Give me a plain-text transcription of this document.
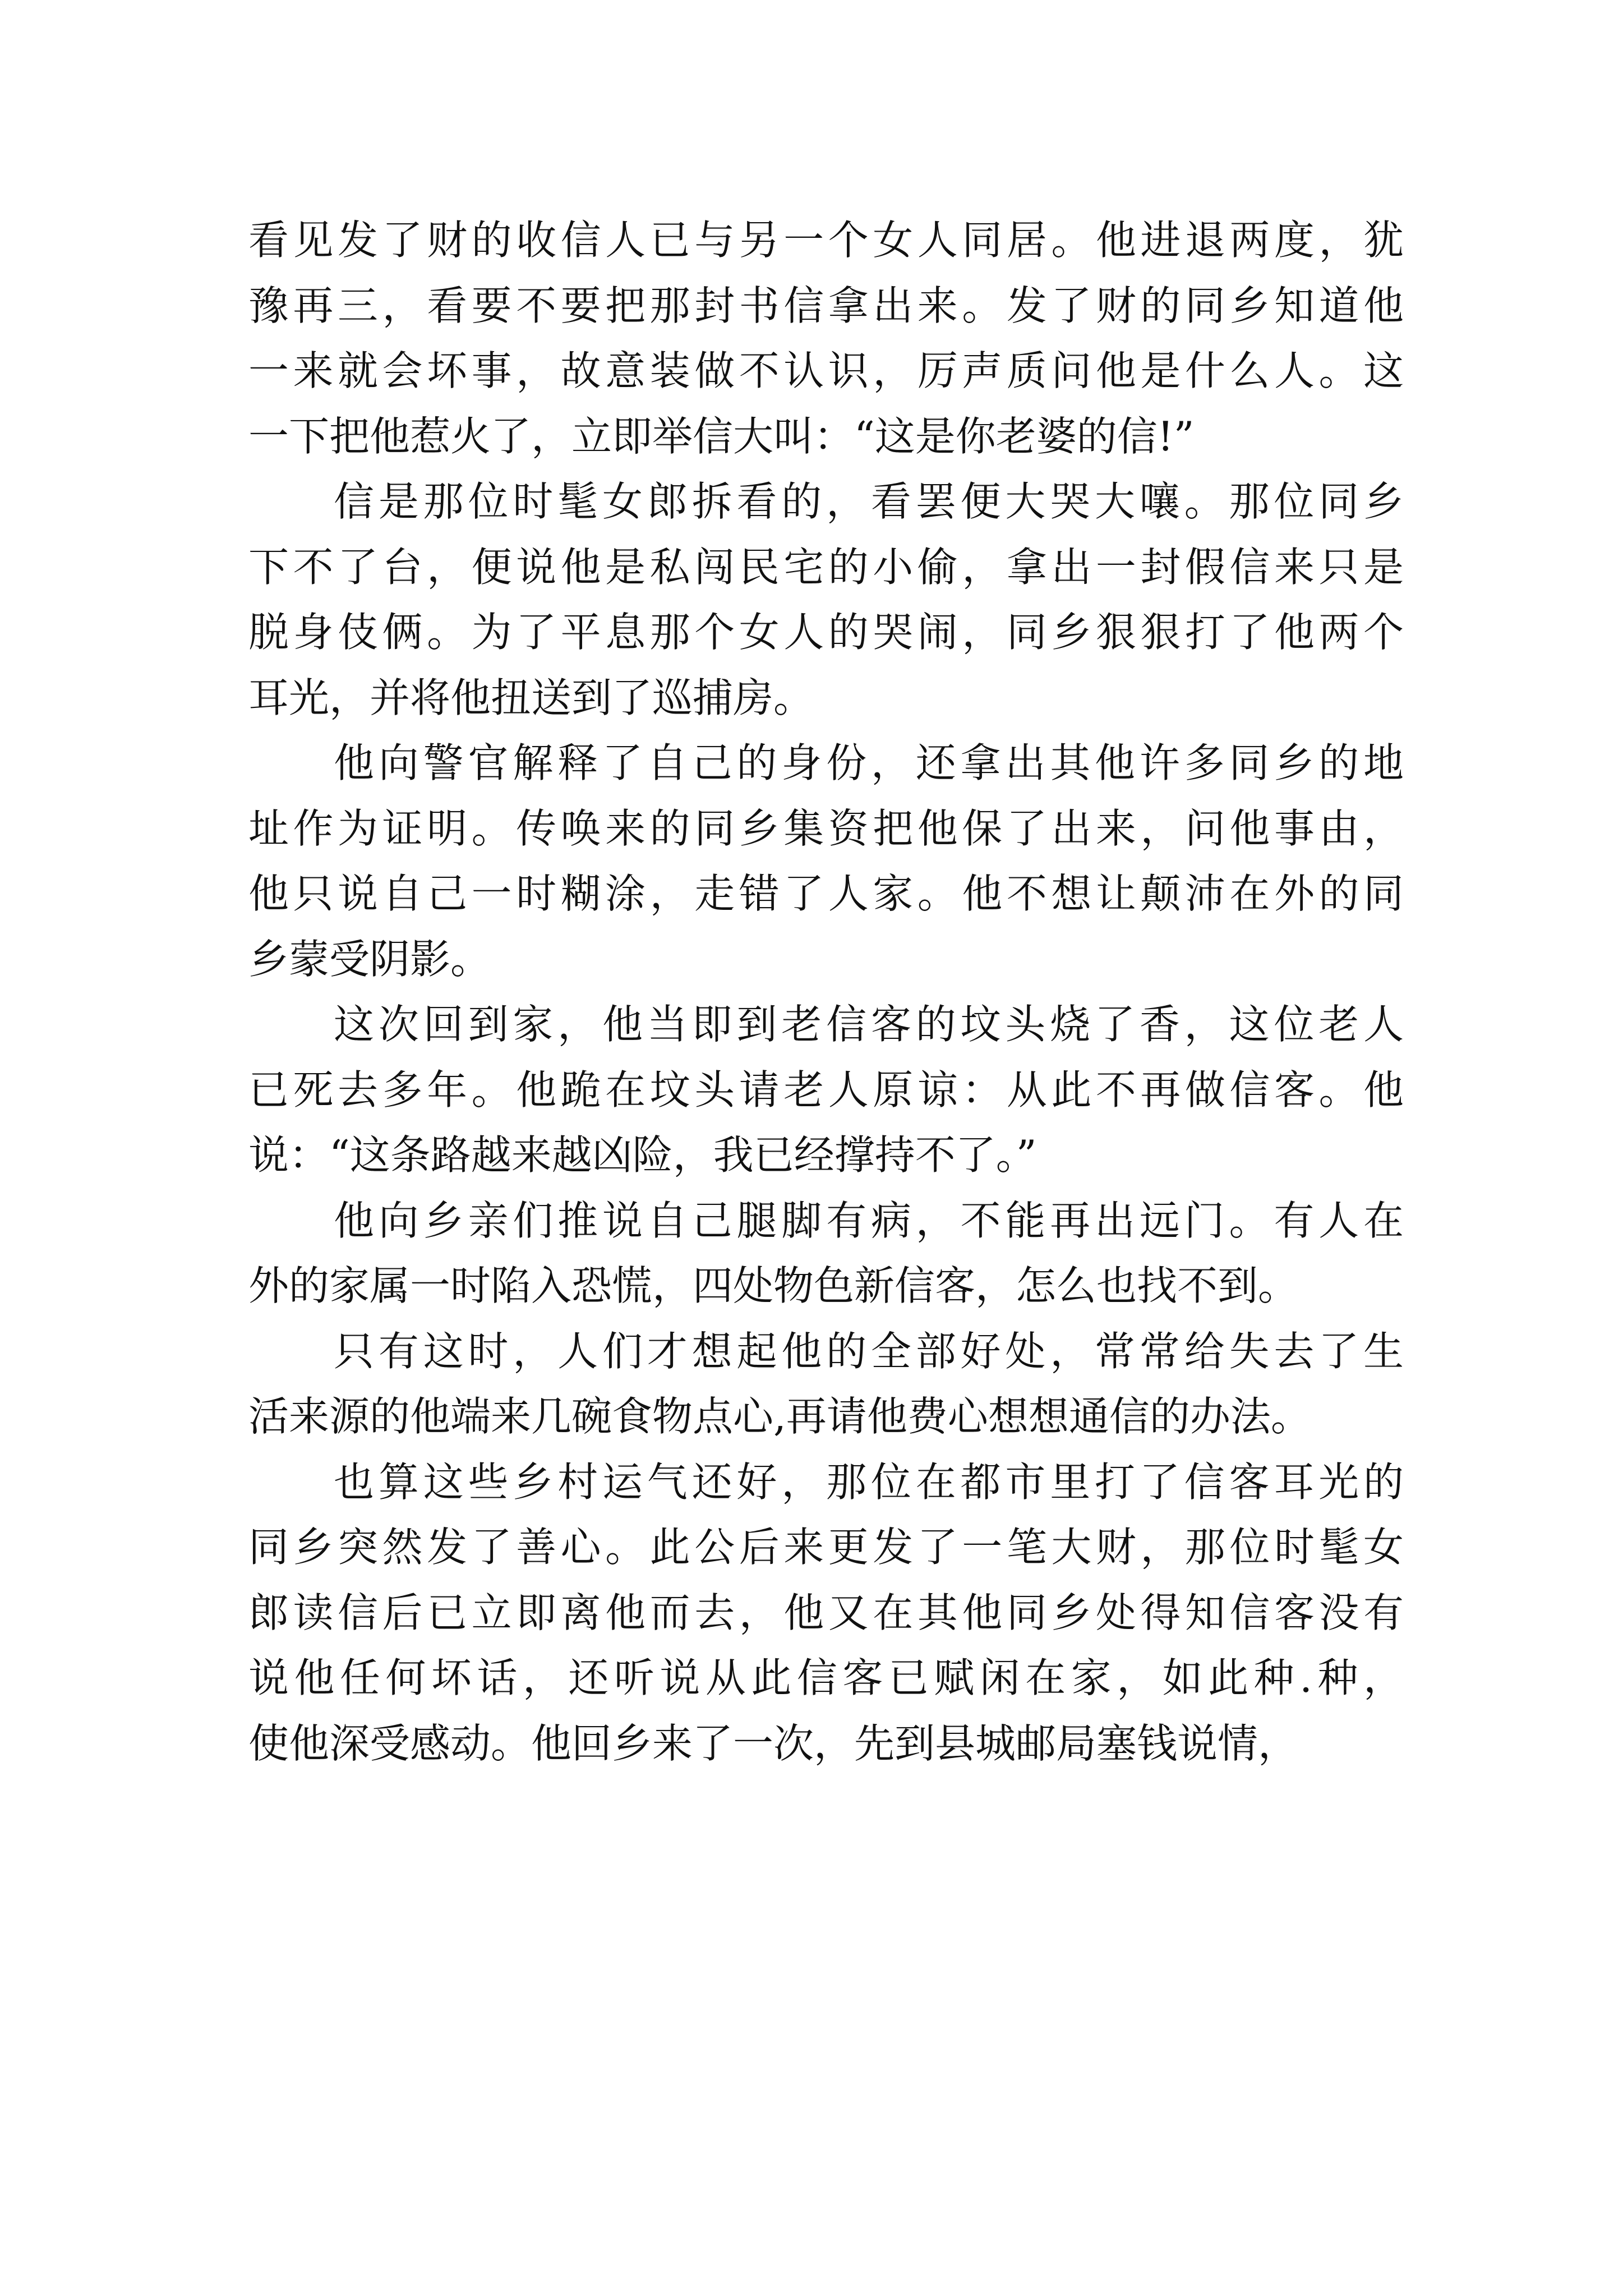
看见发了财的收信人已与另一个女人同居。他进退两度，犹
豫再三，看要不要把那封书信拿出来。发了财的同乡知道他
一来就会坏事，故意装做不认识，厉声质问他是什么人。这
一下把他惹火了，立即举信大叫：“这是你老婆的信!”
信是那位时髦女郎拆看的，看罢便大哭大嚷。那位同乡
下不了台，便说他是私闯民宅的小偷，拿出一封假信来只是
脱身伎俩。为了平息那个女人的哭闹，同乡狠狠打了他两个
耳光，并将他扭送到了巡捕房。
他向警官解释了自己的身份，还拿出其他许多同乡的地
址作为证明。传唤来的同乡集资把他保了出来，问他事由，
他只说自己一时糊涂，走错了人家。他不想让颠沛在外的同
乡蒙受阴影。
这次回到家，他当即到老信客的坟头烧了香，这位老人
已死去多年。他跪在坟头请老人原谅：从此不再做信客。他
说：“这条路越来越凶险，我已经撑持不了。”
他向乡亲们推说自己腿脚有病，不能再出远门。有人在
外的家属一时陷入恐慌，四处物色新信客，怎么也找不到。
只有这时，人们才想起他的全部好处，常常给失去了生
活来源的他端来几碗食物点心,再请他费心想想通信的办法。
也算这些乡村运气还好，那位在都市里打了信客耳光的
同乡突然发了善心。此公后来更发了一笔大财，那位时髦女
郎读信后已立即离他而去，他又在其他同乡处得知信客没有
说他任何坏话，还听说从此信客已赋闲在家，如此种.种，
使他深受感动。他回乡来了一次，先到县城邮局塞钱说情，
